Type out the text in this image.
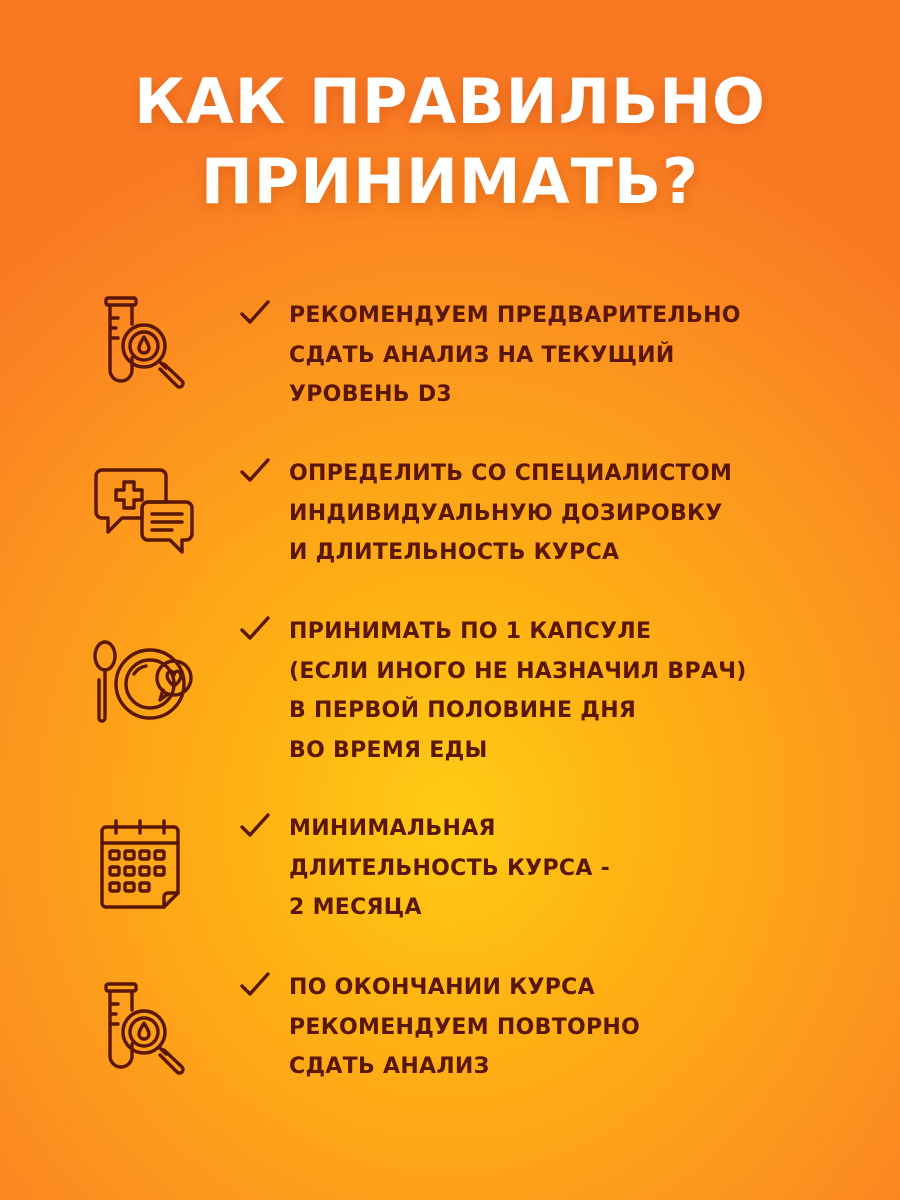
КАК ПРАВИЛЬНО
ПРИНИМАТЬ?
РЕКОМЕНДУЕМ ПРЕДВАРИТЕЛЬНО
СДАТЬ АНАЛИЗ НА ТЕКУЩИЙ
УРОВЕНЬ D3
ОПРЕДЕЛИТЬ СО СПЕЦИАЛИСТОМ
ИНДИВИДУАЛЬНУЮ ДОЗИРОВКУ
И ДЛИТЕЛЬНОСТЬ КУРСА
ПРИНИМАТЬ ПО 1 КАПСУЛЕ
(ЕСЛИ ИНОГО НЕ НАЗНАЧИЛ ВРАЧ)
В ПЕРВОЙ ПОЛОВИНЕ ДНЯ
ВО ВРЕМЯ ЕДЫ
МИНИМАЛЬНАЯ
ДЛИТЕЛЬНОСТЬ КУРСА -
2 МЕСЯЦА
ПО ОКОНЧАНИИ КУРСА
РЕКОМЕНДУЕМ ПОВТОРНО
СДАТЬ АНАЛИЗ
